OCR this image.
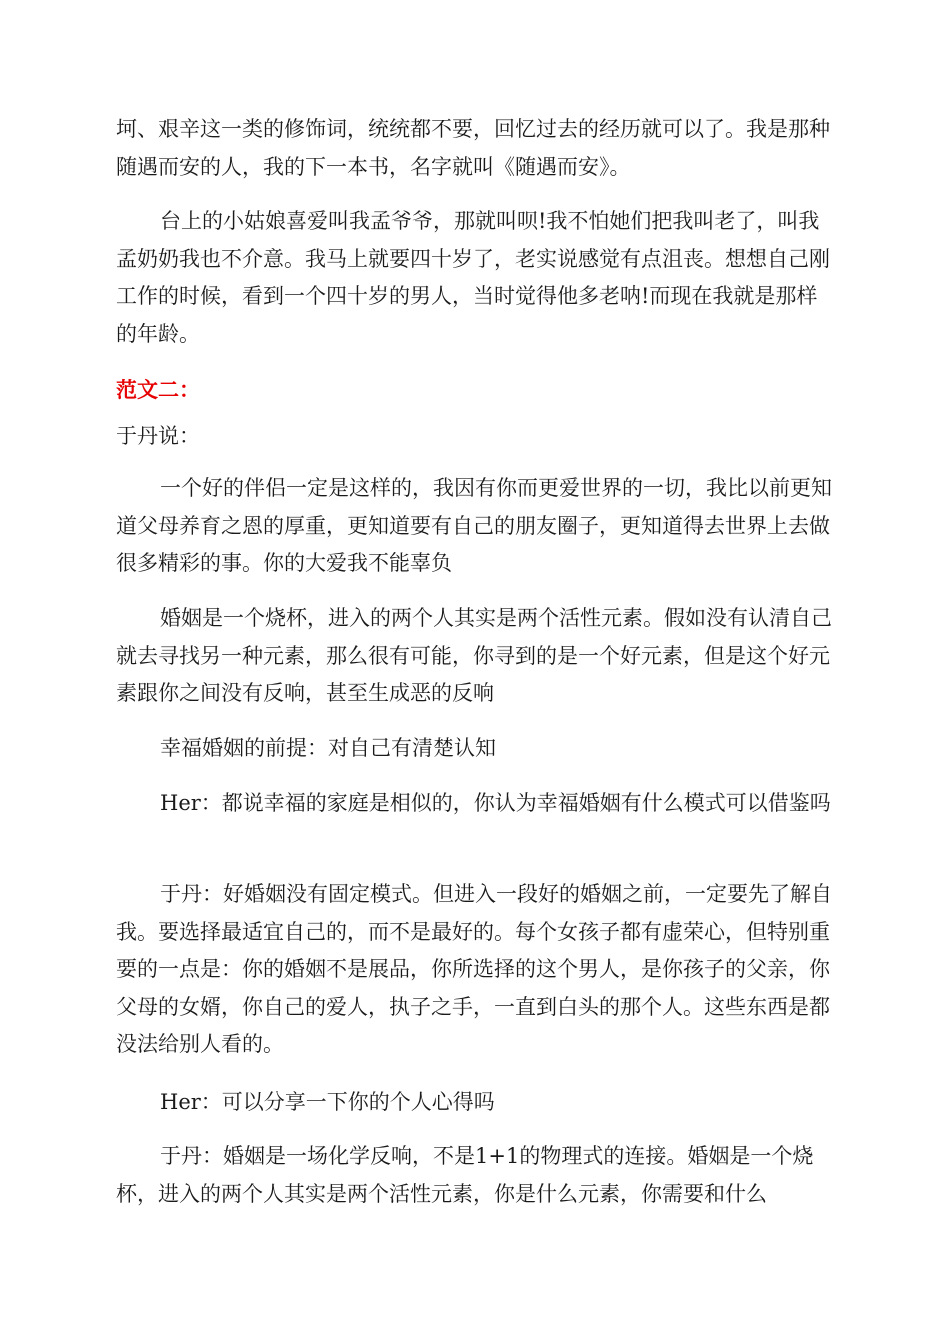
坷、艰辛这一类的修饰词，统统都不要，回忆过去的经历就可以了。我是那种随遇而安的人，我的下一本书，名字就叫《随遇而安》。

台上的小姑娘喜爱叫我孟爷爷，那就叫呗!我不怕她们把我叫老了，叫我孟奶奶我也不介意。我马上就要四十岁了，老实说感觉有点沮丧。想想自己刚工作的时候，看到一个四十岁的男人，当时觉得他多老呐!而现在我就是那样的年龄。

范文二：

于丹说：

一个好的伴侣一定是这样的，我因有你而更爱世界的一切，我比以前更知道父母养育之恩的厚重，更知道要有自己的朋友圈子，更知道得去世界上去做很多精彩的事。你的大爱我不能辜负

婚姻是一个烧杯，进入的两个人其实是两个活性元素。假如没有认清自己就去寻找另一种元素，那么很有可能，你寻到的是一个好元素，但是这个好元素跟你之间没有反响，甚至生成恶的反响

幸福婚姻的前提：对自己有清楚认知

Her：都说幸福的家庭是相似的，你认为幸福婚姻有什么模式可以借鉴吗

于丹：好婚姻没有固定模式。但进入一段好的婚姻之前，一定要先了解自我。要选择最适宜自己的，而不是最好的。每个女孩子都有虚荣心，但特别重要的一点是：你的婚姻不是展品，你所选择的这个男人，是你孩子的父亲，你父母的女婿，你自己的爱人，执子之手，一直到白头的那个人。这些东西是都没法给别人看的。

Her：可以分享一下你的个人心得吗

于丹：婚姻是一场化学反响，不是1+1的物理式的连接。婚姻是一个烧杯，进入的两个人其实是两个活性元素，你是什么元素，你需要和什么
